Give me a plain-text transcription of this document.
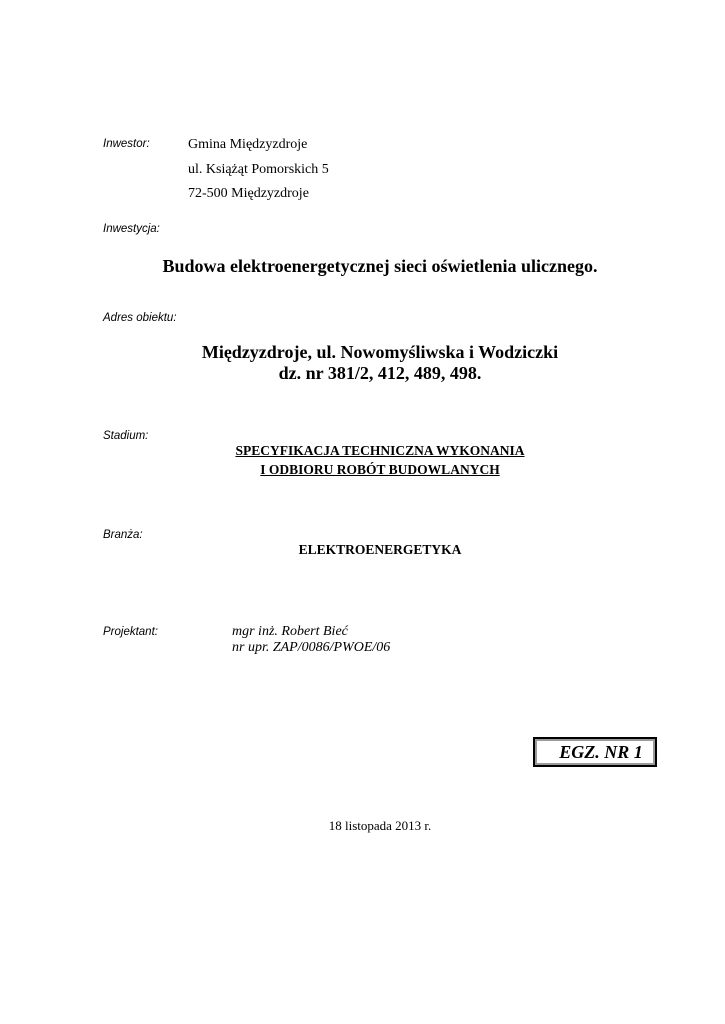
Inwestor:	Gmina Międzyzdroje
ul. Książąt Pomorskich 5
72-500 Międzyzdroje
Inwestycja:
Budowa elektroenergetycznej sieci oświetlenia ulicznego.
Adres obiektu:
Międzyzdroje, ul. Nowomyśliwska i Wodziczki
dz. nr 381/2, 412, 489, 498.
Stadium:
SPECYFIKACJA TECHNICZNA WYKONANIA
I ODBIORU ROBÓT BUDOWLANYCH
Branża:
ELEKTROENERGETYKA
Projektant:	mgr inż. Robert Bieć
nr upr. ZAP/0086/PWOE/06
EGZ. NR 1
18 listopada 2013 r.
